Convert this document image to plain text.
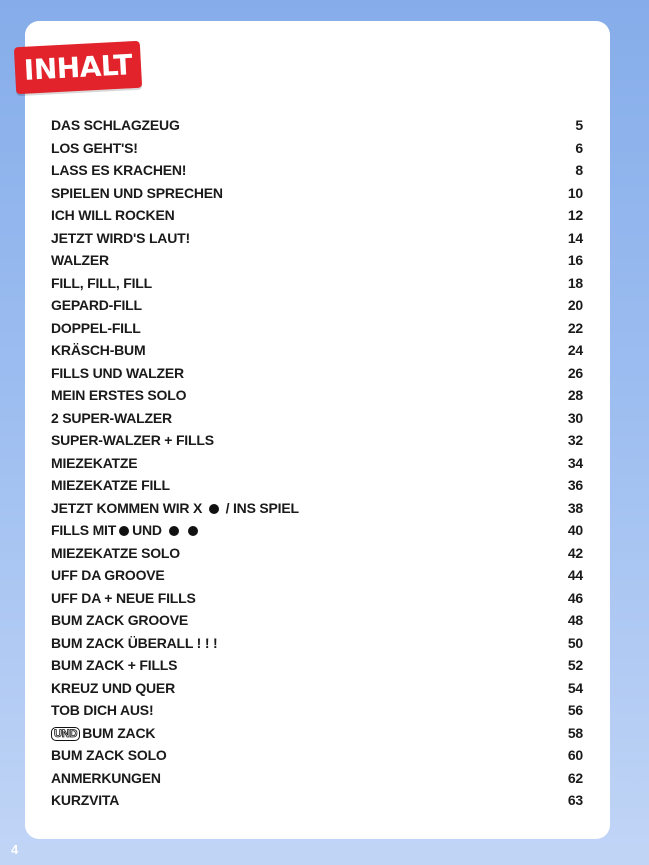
INHALT
DAS SCHLAGZEUG	5
LOS GEHT'S!	6
LASS ES KRACHEN!	8
SPIELEN UND SPRECHEN	10
ICH WILL ROCKEN	12
JETZT WIRD'S LAUT!	14
WALZER	16
FILL, FILL, FILL	18
GEPARD-FILL	20
DOPPEL-FILL	22
KRÄSCH-BUM	24
FILLS UND WALZER	26
MEIN ERSTES SOLO	28
2 SUPER-WALZER	30
SUPER-WALZER + FILLS	32
MIEZEKATZE	34
MIEZEKATZE FILL	36
JETZT KOMMEN WIR X / INS SPIEL	38
FILLS MIT UND	40
MIEZEKATZE SOLO	42
UFF DA GROOVE	44
UFF DA + NEUE FILLS	46
BUM ZACK GROOVE	48
BUM ZACK ÜBERALL ! ! !	50
BUM ZACK + FILLS	52
KREUZ UND QUER	54
TOB DICH AUS!	56
UND BUM ZACK	58
BUM ZACK SOLO	60
ANMERKUNGEN	62
KURZVITA	63
4
